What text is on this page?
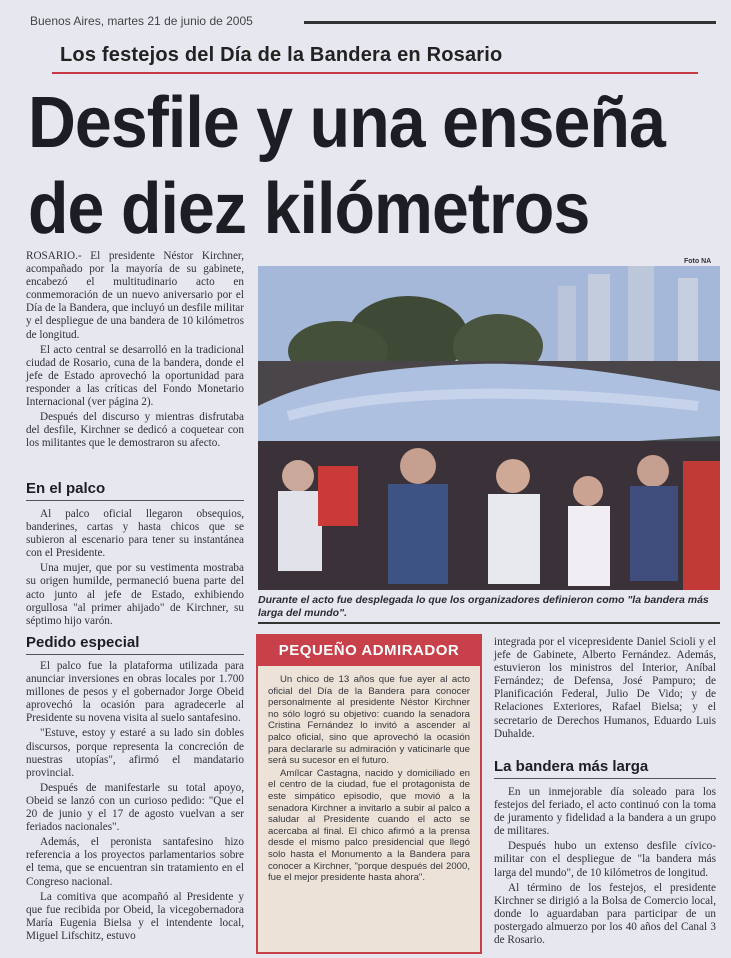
Buenos Aires, martes 21 de junio de 2005
Los festejos del Día de la Bandera en Rosario
Desfile y una enseña
de diez kilómetros

ROSARIO.- El presidente Néstor Kirchner, acompañado por la mayoría de su gabinete, encabezó el multitudinario acto en conmemoración de un nuevo aniversario por el Día de la Bandera, que incluyó un desfile militar y el despliegue de una bandera de 10 kilómetros de longitud.

El acto central se desarrolló en la tradicional ciudad de Rosario, cuna de la bandera, donde el jefe de Estado aprovechó la oportunidad para responder a las críticas del Fondo Monetario Internacional (ver página 2).

Después del discurso y mientras disfrutaba del desfile, Kirchner se dedicó a coquetear con los militantes que le demostraron su afecto.

En el palco

Al palco oficial llegaron obsequios, banderines, cartas y hasta chicos que se subieron al escenario para tener su instantánea con el Presidente.

Una mujer, que por su vestimenta mostraba su origen humilde, permaneció buena parte del acto junto al jefe de Estado, exhibiendo orgullosa "al primer ahijado" de Kirchner, su séptimo hijo varón.

Pedido especial

El palco fue la plataforma utilizada para anunciar inversiones en obras locales por 1.700 millones de pesos y el gobernador Jorge Obeid aprovechó la ocasión para agradecerle al Presidente su novena visita al suelo santafesino.

"Estuve, estoy y estaré a su lado sin dobles discursos, porque representa la concreción de nuestras utopías", afirmó el mandatario provincial.

Después de manifestarle su total apoyo, Obeid se lanzó con un curioso pedido: "Que el 20 de junio y el 17 de agosto vuelvan a ser feriados nacionales".

Además, el peronista santafesino hizo referencia a los proyectos parlamentarios sobre el tema, que se encuentran sin tratamiento en el Congreso nacional.

La comitiva que acompañó al Presidente y que fue recibida por Obeid, la vicegobernadora María Eugenia Bielsa y el intendente local, Miguel Lifschitz, estuvo

Foto NA
Durante el acto fue desplegada lo que los organizadores definieron como "la bandera más larga del mundo".
PEQUEÑO ADMIRADOR

Un chico de 13 años que fue ayer al acto oficial del Día de la Bandera para conocer personalmente al presidente Néstor Kirchner no sólo logró su objetivo: cuando la senadora Cristina Fernández lo invitó a ascender al palco oficial, sino que aprovechó la ocasión para declararle su admiración y vaticinarle que será su sucesor en el futuro.

Amílcar Castagna, nacido y domiciliado en el centro de la ciudad, fue el protagonista de este simpático episodio, que movió a la senadora Kirchner a invitarlo a subir al palco a saludar al Presidente cuando el acto se acercaba al final. El chico afirmó a la prensa desde el mismo palco presidencial que llegó solo hasta el Monumento a la Bandera para conocer a Kirchner, "porque después del 2000, fue el mejor presidente hasta ahora".

integrada por el vicepresidente Daniel Scioli y el jefe de Gabinete, Alberto Fernández. Además, estuvieron los ministros del Interior, Aníbal Fernández; de Defensa, José Pampuro; de Planificación Federal, Julio De Vido; y de Relaciones Exteriores, Rafael Bielsa; y el secretario de Derechos Humanos, Eduardo Luis Duhalde.

La bandera más larga

En un inmejorable día soleado para los festejos del feriado, el acto continuó con la toma de juramento y fidelidad a la bandera a un grupo de militares.

Después hubo un extenso desfile cívico-militar con el despliegue de "la bandera más larga del mundo", de 10 kilómetros de longitud.

Al término de los festejos, el presidente Kirchner se dirigió a la Bolsa de Comercio local, donde lo aguardaban para participar de un postergado almuerzo por los 40 años del Canal 3 de Rosario.
